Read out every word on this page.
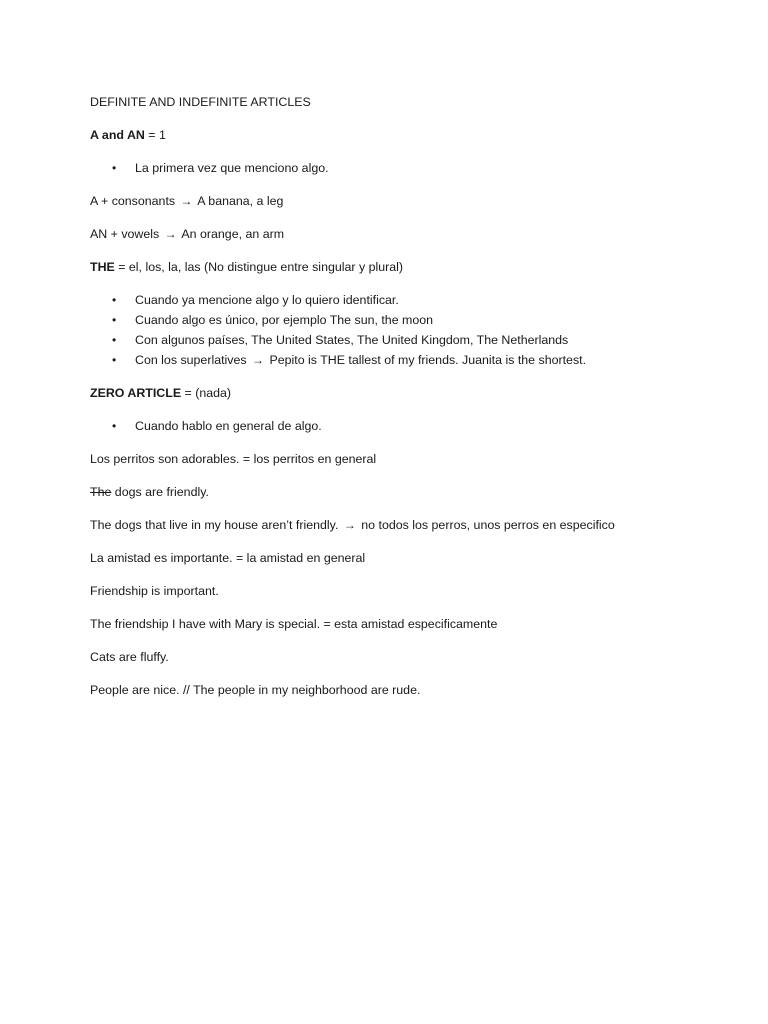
DEFINITE AND INDEFINITE ARTICLES

A and AN = 1

• La primera vez que menciono algo.

A + consonants → A banana, a leg

AN + vowels → An orange, an arm

THE = el, los, la, las (No distingue entre singular y plural)

• Cuando ya mencione algo y lo quiero identificar.
• Cuando algo es único, por ejemplo The sun, the moon
• Con algunos países, The United States, The United Kingdom, The Netherlands
• Con los superlatives → Pepito is THE tallest of my friends. Juanita is the shortest.

ZERO ARTICLE = (nada)

• Cuando hablo en general de algo.

Los perritos son adorables. = los perritos en general

The dogs are friendly.

The dogs that live in my house aren’t friendly. → no todos los perros, unos perros en especifico

La amistad es importante. = la amistad en general

Friendship is important.

The friendship I have with Mary is special. = esta amistad especificamente

Cats are fluffy.

People are nice. // The people in my neighborhood are rude.
